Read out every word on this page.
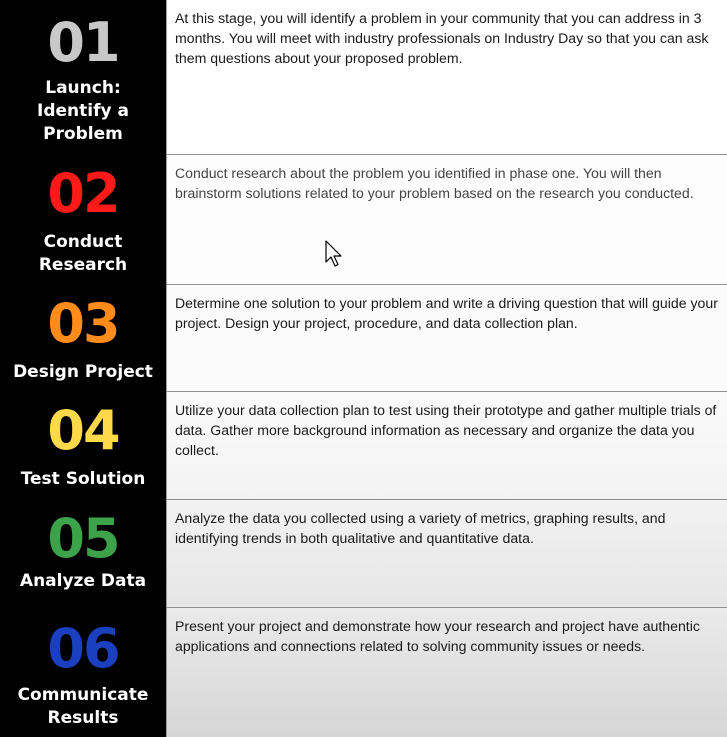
01
Launch:
Identify a
Problem

At this stage, you will identify a problem in your community that you can address in 3 months. You will meet with industry professionals on Industry Day so that you can ask them questions about your proposed problem.

02
Conduct
Research

Conduct research about the problem you identified in phase one. You will then brainstorm solutions related to your problem based on the research you conducted.

03
Design Project

Determine one solution to your problem and write a driving question that will guide your project. Design your project, procedure, and data collection plan.

04
Test Solution

Utilize your data collection plan to test using their prototype and gather multiple trials of data. Gather more background information as necessary and organize the data you collect.

05
Analyze Data

Analyze the data you collected using a variety of metrics, graphing results, and identifying trends in both qualitative and quantitative data.

06
Communicate
Results

Present your project and demonstrate how your research and project have authentic applications and connections related to solving community issues or needs.
